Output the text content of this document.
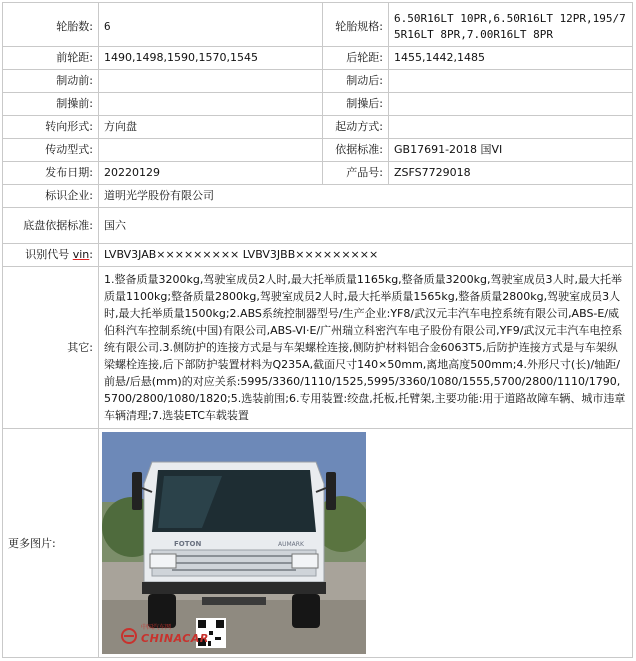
轮胎数:	6	轮胎规格:	6.50R16LT 10PR,6.50R16LT 12PR,195/75R16LT 8PR,7.00R16LT 8PR
前轮距:	1490,1498,1590,1570,1545	后轮距:	1455,1442,1485
制动前:		制动后:	
制操前:		制操后:	
转向形式:	方向盘	起动方式:	
传动型式:		依据标准:	GB17691-2018 国VI
发布日期:	20220129	产品号:	ZSFS7729018
标识企业:	道明光学股份有限公司		
底盘依据标准:	国六		
识别代号 vin:	LVBV3JAB××××××××× LVBV3JBB×××××××××		
其它:	1.整备质量3200kg,驾驶室成员2人时,最大托举质量1165kg,整备质量3200kg,驾驶室成员3人时,最大托举质量1100kg;整备质量2800kg,驾驶室成员2人时,最大托举质量1565kg,整备质量2800kg,驾驶室成员3人时,最大托举质量1500kg;2.ABS系统控制器型号/生产企业:YF8/武汉元丰汽车电控系统有限公司,ABS-E/威伯科汽车控制系统(中国)有限公司,ABS-VI·E/广州瑞立科密汽车电子股份有限公司,YF9/武汉元丰汽车电控系统有限公司.3.侧防护的连接方式是与车架螺栓连接,侧防护材料铝合金6063T5,后防护连接方式是与车架纵梁螺栓连接,后下部防护装置材料为Q235A,截面尺寸140×50mm,离地高度500mm;4.外形尺寸(长)/轴距/前悬/后悬(mm)的对应关系:5995/3360/1110/1525,5995/3360/1080/1555,5700/2800/1110/1790,5700/2800/1080/1820;5.选装前围;6.专用装置:绞盘,托板,托臂架,主要功能:用于道路故障车辆、城市违章车辆清理;7.选装ETC车载装置		
更多图片:	FOTON AUMARK
中国汽车网
CHINACAR		
